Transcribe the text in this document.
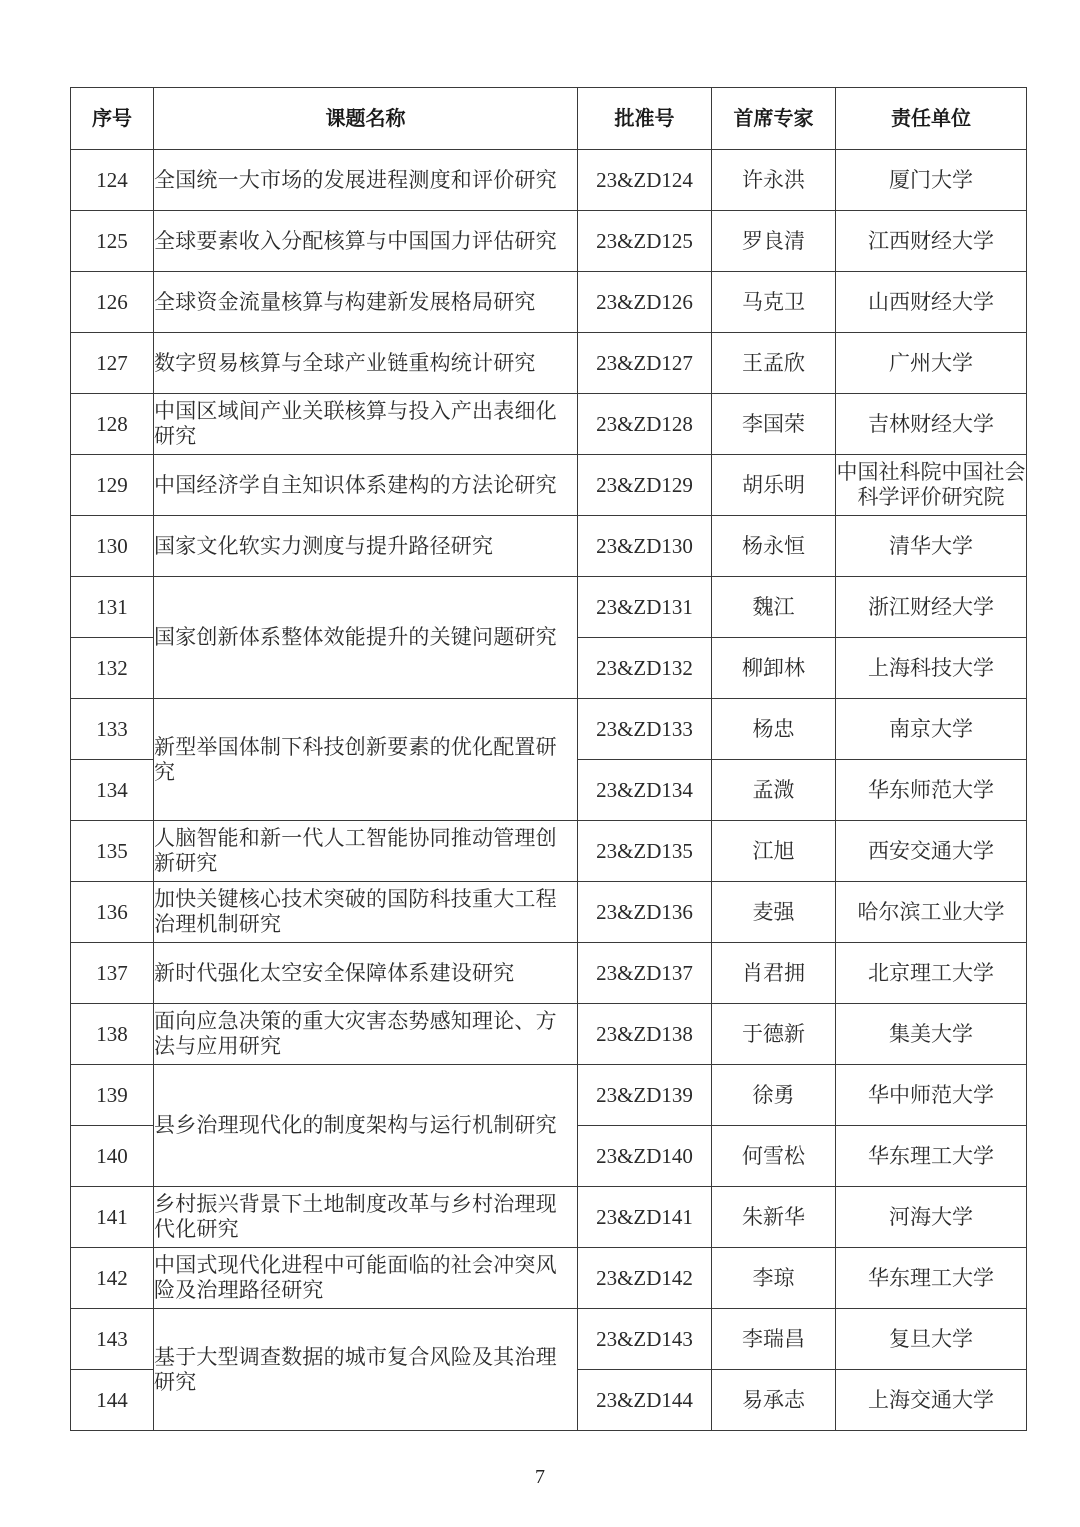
序号	课题名称	批准号	首席专家	责任单位
124	全国统一大市场的发展进程测度和评价研究	23&ZD124	许永洪	厦门大学
125	全球要素收入分配核算与中国国力评估研究	23&ZD125	罗良清	江西财经大学
126	全球资金流量核算与构建新发展格局研究	23&ZD126	马克卫	山西财经大学
127	数字贸易核算与全球产业链重构统计研究	23&ZD127	王孟欣	广州大学
128	中国区域间产业关联核算与投入产出表细化研究	23&ZD128	李国荣	吉林财经大学
129	中国经济学自主知识体系建构的方法论研究	23&ZD129	胡乐明	中国社科院中国社会科学评价研究院
130	国家文化软实力测度与提升路径研究	23&ZD130	杨永恒	清华大学
131	国家创新体系整体效能提升的关键问题研究	23&ZD131	魏江	浙江财经大学
132		23&ZD132	柳卸林	上海科技大学
133	新型举国体制下科技创新要素的优化配置研究	23&ZD133	杨忠	南京大学
134		23&ZD134	孟溦	华东师范大学
135	人脑智能和新一代人工智能协同推动管理创新研究	23&ZD135	江旭	西安交通大学
136	加快关键核心技术突破的国防科技重大工程治理机制研究	23&ZD136	麦强	哈尔滨工业大学
137	新时代强化太空安全保障体系建设研究	23&ZD137	肖君拥	北京理工大学
138	面向应急决策的重大灾害态势感知理论、方法与应用研究	23&ZD138	于德新	集美大学
139	县乡治理现代化的制度架构与运行机制研究	23&ZD139	徐勇	华中师范大学
140		23&ZD140	何雪松	华东理工大学
141	乡村振兴背景下土地制度改革与乡村治理现代化研究	23&ZD141	朱新华	河海大学
142	中国式现代化进程中可能面临的社会冲突风险及治理路径研究	23&ZD142	李琼	华东理工大学
143	基于大型调查数据的城市复合风险及其治理研究	23&ZD143	李瑞昌	复旦大学
144		23&ZD144	易承志	上海交通大学
7
